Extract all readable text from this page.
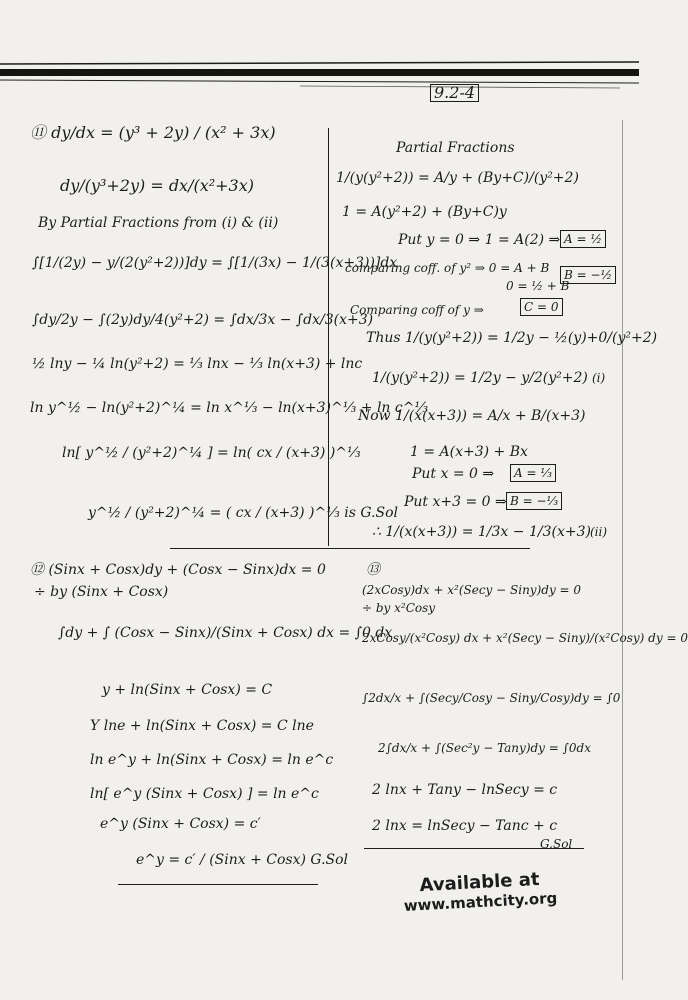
9.2-4
⑪ dy/dx = (y³ + 2y) / (x² + 3x)
dy/(y³+2y) = dx/(x²+3x)
By Partial Fractions from (i) & (ii)
∫[1/(2y) − y/(2(y²+2))]dy = ∫[1/(3x) − 1/(3(x+3))]dx
∫dy/2y − ∫(2y)dy/4(y²+2) = ∫dx/3x − ∫dx/3(x+3)
½ lny − ¼ ln(y²+2) = ⅓ lnx − ⅓ ln(x+3) + lnc
ln y^½ − ln(y²+2)^¼ = ln x^⅓ − ln(x+3)^⅓ + ln c^⅓
ln[ y^½ / (y²+2)^¼ ] = ln( cx / (x+3) )^⅓
y^½ / (y²+2)^¼ = ( cx / (x+3) )^⅓ is G.Sol
⑫ (Sinx + Cosx)dy + (Cosx − Sinx)dx = 0
÷ by (Sinx + Cosx)
∫dy + ∫ (Cosx − Sinx)/(Sinx + Cosx) dx = ∫0 dx
y + ln(Sinx + Cosx) = C
Y lne + ln(Sinx + Cosx) = C lne
ln e^y + ln(Sinx + Cosx) = ln e^c
ln[ e^y (Sinx + Cosx) ] = ln e^c
e^y (Sinx + Cosx) = c′
e^y = c′ / (Sinx + Cosx) G.Sol
Partial Fractions
1/(y(y²+2)) = A/y + (By+C)/(y²+2)
1 = A(y²+2) + (By+C)y
Put y = 0 ⇒ 1 = A(2) ⇒
comparing coff. of y² ⇒ 0 = A + B
0 = ½ + B
Comparing coff of y ⇒
Thus 1/(y(y²+2)) = 1/2y − ½(y)+0/(y²+2)
1/(y(y²+2)) = 1/2y − y/2(y²+2)
Now 1/(x(x+3)) = A/x + B/(x+3)
1 = A(x+3) + Bx
Put x = 0 ⇒
Put x+3 = 0 ⇒
∴ 1/(x(x+3)) = 1/3x − 1/3(x+3)
⑬
(2xCosy)dx + x²(Secy − Siny)dy = 0
÷ by x²Cosy
2xCosy/(x²Cosy) dx + x²(Secy − Siny)/(x²Cosy) dy = 0
∫2dx/x + ∫(Secy/Cosy − Siny/Cosy)dy = ∫0
2∫dx/x + ∫(Sec²y − Tany)dy = ∫0dx
2 lnx + Tany − lnSecy = c
2 lnx = lnSecy − Tanc + c
G.Sol
A = ½
B = −½
C = 0
A = ⅓
B = −⅓
(i)
(ii)
Available at
www.mathcity.org
